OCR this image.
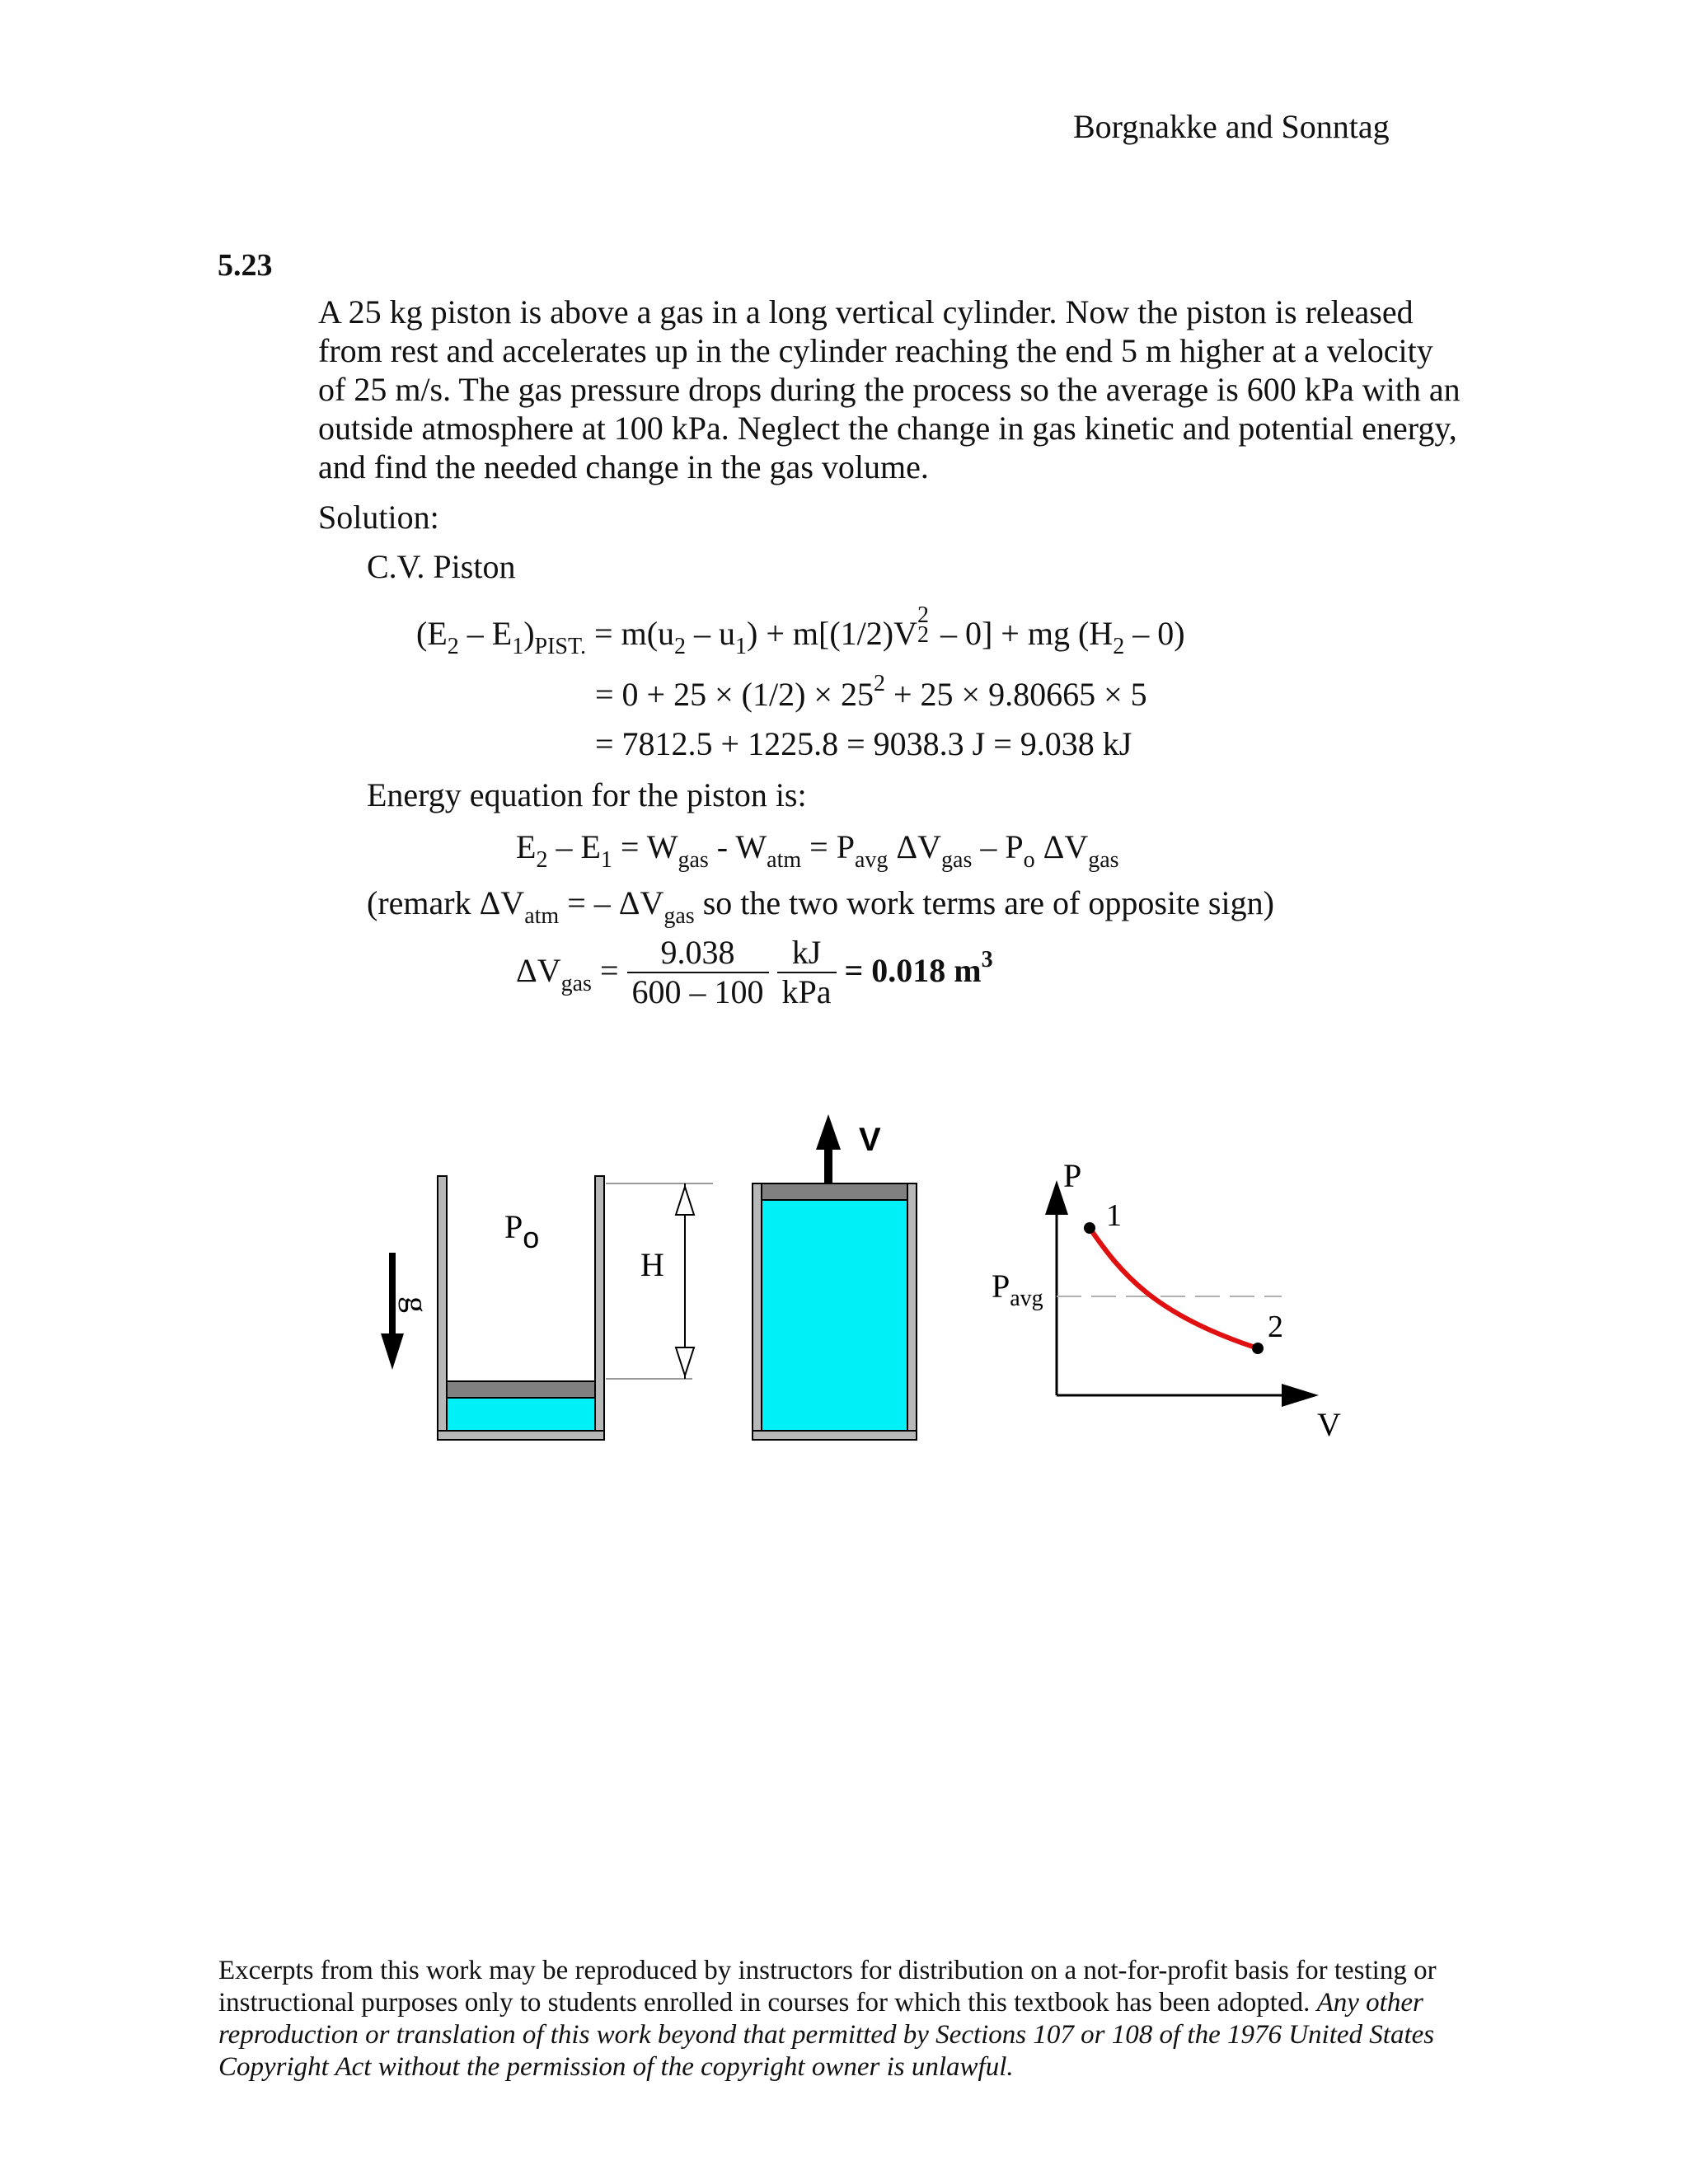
Borgnakke and Sonntag
5.23
A 25 kg piston is above a gas in a long vertical cylinder. Now the piston is released
from rest and accelerates up in the cylinder reaching the end 5 m higher at a velocity
of 25 m/s. The gas pressure drops during the process so the average is 600 kPa with an
outside atmosphere at 100 kPa. Neglect the change in gas kinetic and potential energy,
and find the needed change in the gas volume.
Solution:
C.V. Piston
$(E_2 - E_1)_{PIST.} = m(u_2 - u_1) + m[(1/2)V$ 2
2 – 0] + mg $(H_2 - 0)$
= $0 + 25 \times (1/2) \times 25^2 + 25 \times 9.80665 \times 5$
= 7812.5 + 1225.8 = 9038.3 J = 9.038 kJ
Energy equation for the piston is:
$E_2 - E_1 = W_{gas} - W_{atm} = P_{avg}$ $\Delta V_{gas} - P_o$ $\Delta V_{gas}$
(remark $\Delta V_{atm}$ = – $\Delta V_{gas}$ so the two work terms are of opposite sign)
$\Delta V_{gas} = \frac{9.038}{600 - 100}$
$\frac{kJ}{\text{kPa}} = 0.018$ $m^3$
g
Po
H
V
P
V
$P_{avg}$
1
2
Excerpts from this work may be reproduced by instructors for distribution on a not-for-profit basis for testing or
instructional purposes only to students enrolled in courses for which this textbook has been adopted. Any other
reproduction or translation of this work beyond that permitted by Sections 107 or 108 of the 1976 United States
Copyright Act without the permission of the copyright owner is unlawful.
